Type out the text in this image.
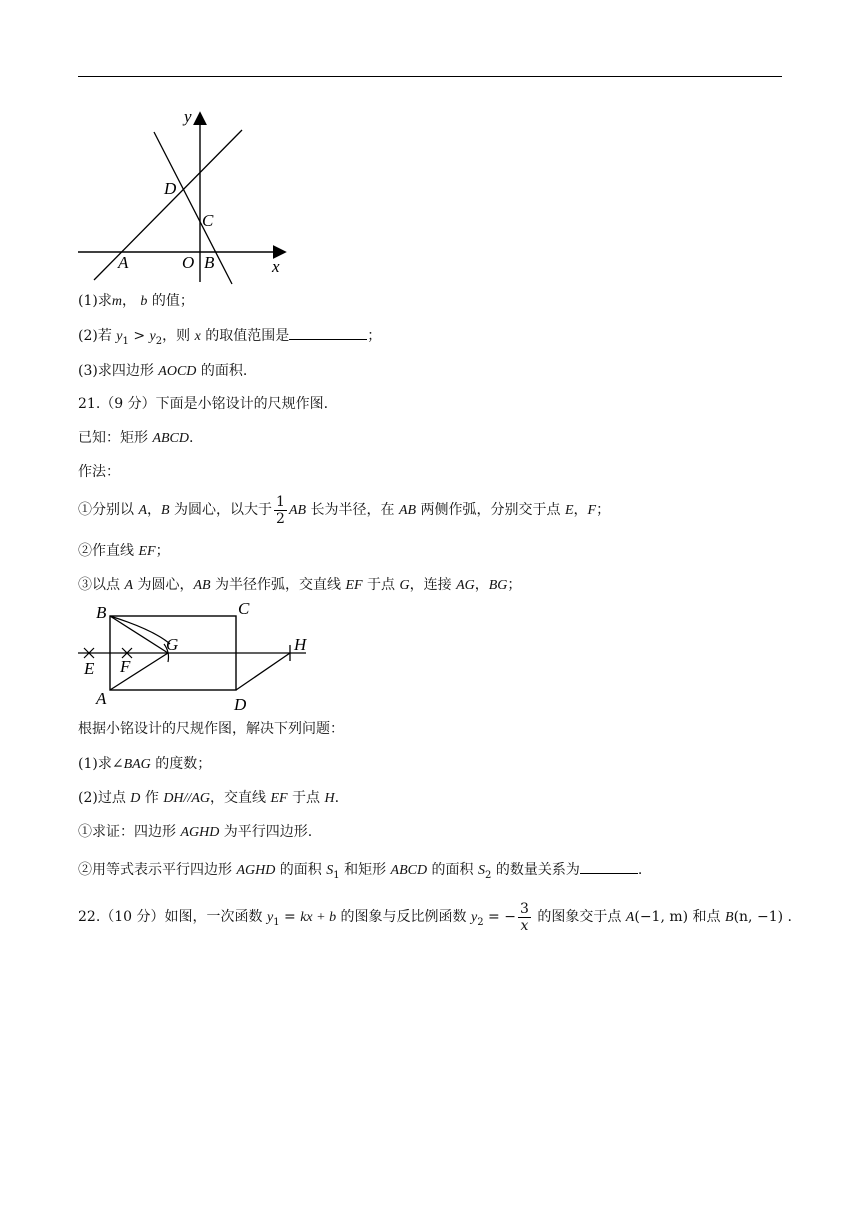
y
x
D
C
A	O B
(1)求m， b 的值；
(2)若 $y_1 > y_2$，则 x 的取值范围是	；
(3)求四边形 AOCD 的面积.
21.（9 分）下面是小铭设计的尺规作图.
已知：矩形 ABCD.
作法：
①分别以 A，B 为圆心，以大于 $\frac{1}{2}$ AB 长为半径，在 AB 两侧作弧，分别交于点 E，F；
②作直线 EF；
③以点 A 为圆心，AB 为半径作弧，交直线 EF 于点 G，连接 AG，BG；
B	C
G	H
E F
A	D
根据小铭设计的尺规作图，解决下列问题：
(1)求∠BAG 的度数；
(2)过点 D 作 DH//AG，交直线 EF 于点 H.
①求证：四边形 AGHD 为平行四边形.
②用等式表示平行四边形 AGHD 的面积 $S_1$ 和矩形 ABCD 的面积 $S_2$ 的数量关系为	.
22.（10 分）如图，一次函数 $y_1$ = kx + b 的图象与反比例函数 $y_2$ = − $\frac{3}{x}$ 的图象交于点 A(−1, m) 和点 B(n, −1) .
